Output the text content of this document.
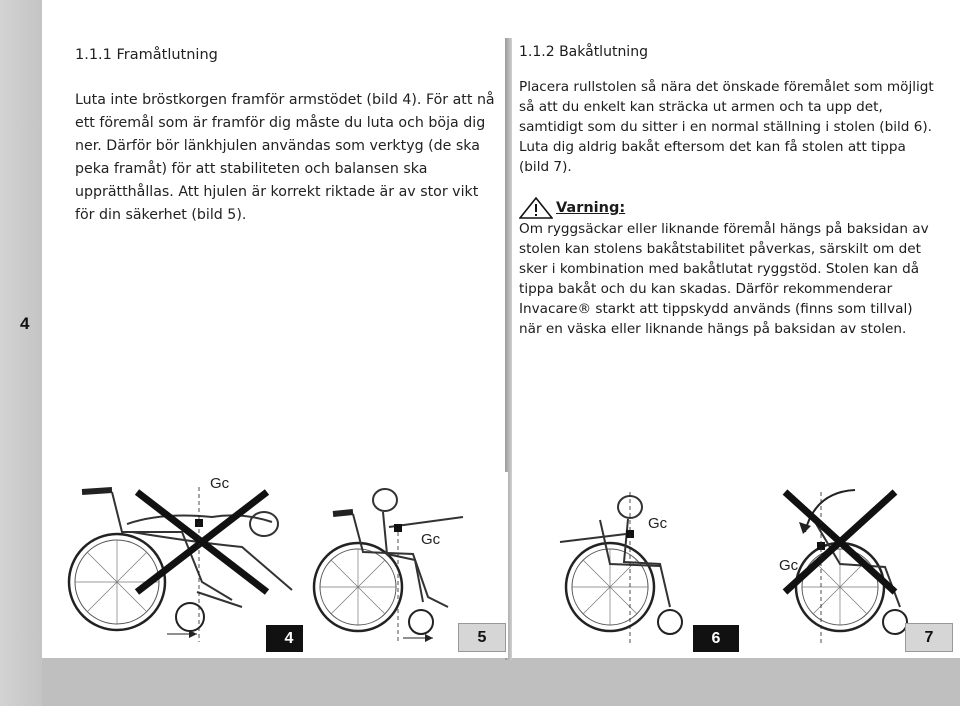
4
1.1.1 Framåtlutning

Luta inte bröstkorgen framför armstödet (bild 4). För att nå ett föremål som är framför dig måste du luta och böja dig ner. Därför bör länkhjulen användas som verktyg (de ska peka framåt) för att stabiliteten och balansen ska upprätthållas. Att hjulen är korrekt riktade är av stor vikt för din säkerhet (bild 5).

1.1.2 Bakåtlutning

Placera rullstolen så nära det önskade föremålet som möjligt så att du enkelt kan sträcka ut armen och ta upp det, samtidigt som du sitter i en normal ställning i stolen (bild 6). Luta dig aldrig bakåt eftersom det kan få stolen att tippa (bild 7).

Varning:

Om ryggsäckar eller liknande föremål hängs på baksidan av stolen kan stolens bakåtstabilitet påverkas, särskilt om det sker i kombination med bakåtlutat ryggstöd. Stolen kan då tippa bakåt och du kan skadas. Därför rekommenderar Invacare® starkt att tippskydd används (finns som tillval) när en väska eller liknande hängs på baksidan av stolen.

Gc
4
Gc
5
Gc
6
Gc
7
